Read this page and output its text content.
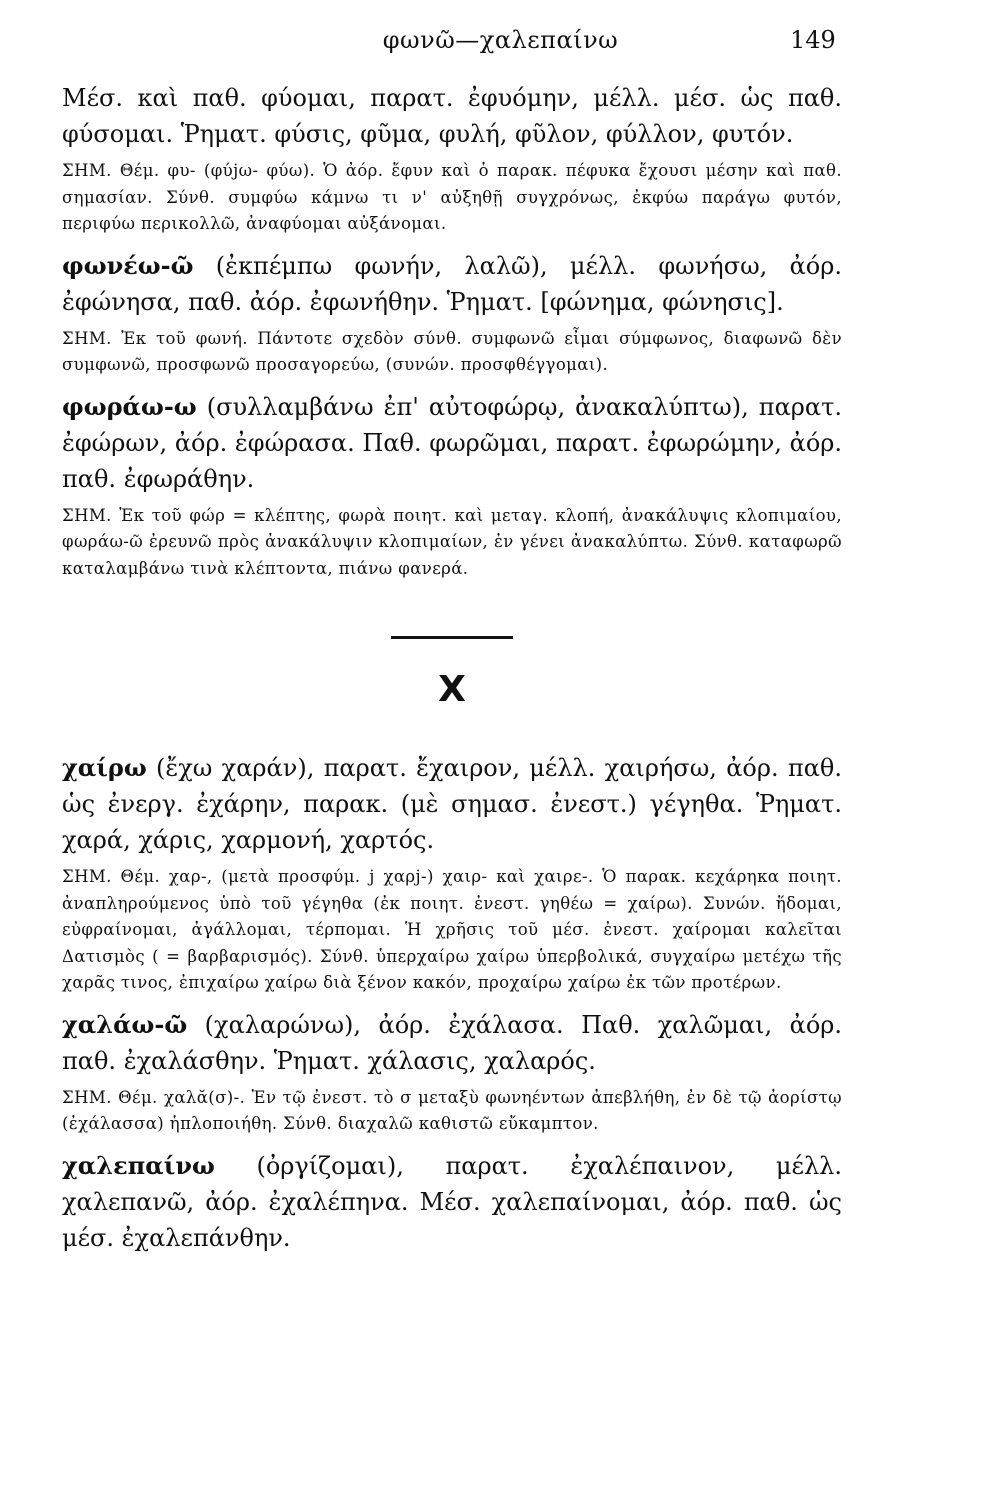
φωνῶ—χαλεπαίνω	149
Μέσ. καὶ παθ. φύομαι, παρατ. ἐφυόμην, μέλλ. μέσ. ὡς παθ. φύσομαι. Ῥηματ. φύσις, φῦμα, φυλή, φῦλον, φύλλον, φυτόν.
ΣΗΜ. Θέμ. φυ- (φύjω- φύω). Ὁ ἀόρ. ἔφυν καὶ ὁ παρακ. πέφυκα ἔχουσι μέσην καὶ παθ. σημασίαν. Σύνθ. συμφύω κάμνω τι ν' αὐξηθῇ συγχρόνως, ἐκφύω παράγω φυτόν, περιφύω περικολλῶ, ἀναφύομαι αὐξάνομαι.
φωνέω-ῶ (ἐκπέμπω φωνήν, λαλῶ), μέλλ. φωνήσω, ἀόρ. ἐφώνησα, παθ. ἀόρ. ἐφωνήθην. Ῥηματ. [φώνημα, φώνησις].
ΣΗΜ. Ἐκ τοῦ φωνή. Πάντοτε σχεδὸν σύνθ. συμφωνῶ εἶμαι σύμφωνος, διαφωνῶ δὲν συμφωνῶ, προσφωνῶ προσαγορεύω, (συνών. προσφθέγγομαι).
φωράω-ω (συλλαμβάνω ἐπ' αὐτοφώρῳ, ἀνακαλύπτω), παρατ. ἐφώρων, ἀόρ. ἐφώρασα. Παθ. φωρῶμαι, παρατ. ἐφωρώμην, ἀόρ. παθ. ἐφωράθην.
ΣΗΜ. Ἐκ τοῦ φώρ = κλέπτης, φωρὰ ποιητ. καὶ μεταγ. κλοπή, ἀνακάλυψις κλοπιμαίου, φωράω-ῶ ἐρευνῶ πρὸς ἀνακάλυψιν κλοπιμαίων, ἐν γένει ἀνακαλύπτω. Σύνθ. καταφωρῶ καταλαμβάνω τινὰ κλέπτοντα, πιάνω φανερά.
Χ
χαίρω (ἔχω χαράν), παρατ. ἔχαιρον, μέλλ. χαιρήσω, ἀόρ. παθ. ὡς ἐνεργ. ἐχάρην, παρακ. (μὲ σημασ. ἐνεστ.) γέγηθα. Ῥηματ. χαρά, χάρις, χαρμονή, χαρτός.
ΣΗΜ. Θέμ. χαρ-, (μετὰ προσφύμ. j χαρj-) χαιρ- καὶ χαιρε-. Ὁ παρακ. κεχάρηκα ποιητ. ἀναπληρούμενος ὑπὸ τοῦ γέγηθα (ἐκ ποιητ. ἐνεστ. γηθέω = χαίρω). Συνών. ἥδομαι, εὐφραίνομαι, ἀγάλλομαι, τέρπομαι. Ἡ χρῆσις τοῦ μέσ. ἐνεστ. χαίρομαι καλεῖται Δατισμὸς ( = βαρβαρισμός). Σύνθ. ὑπερχαίρω χαίρω ὑπερβολικά, συγχαίρω μετέχω τῆς χαρᾶς τινος, ἐπιχαίρω χαίρω διὰ ξένον κακόν, προχαίρω χαίρω ἐκ τῶν προτέρων.
χαλάω-ῶ (χαλαρώνω), ἀόρ. ἐχάλασα. Παθ. χαλῶμαι, ἀόρ. παθ. ἐχαλάσθην. Ῥηματ. χάλασις, χαλαρός.
ΣΗΜ. Θέμ. χαλᾰ(σ)-. Ἐν τῷ ἐνεστ. τὸ σ μεταξὺ φωνηέντων ἀπεβλήθη, ἐν δὲ τῷ ἀορίστῳ (ἐχάλασσα) ἡπλοποιήθη. Σύνθ. διαχαλῶ καθιστῶ εὔκαμπτον.
χαλεπαίνω (ὀργίζομαι), παρατ. ἐχαλέπαινον, μέλλ. χαλεπανῶ, ἀόρ. ἐχαλέπηνα. Μέσ. χαλεπαίνομαι, ἀόρ. παθ. ὡς μέσ. ἐχαλεπάνθην.
